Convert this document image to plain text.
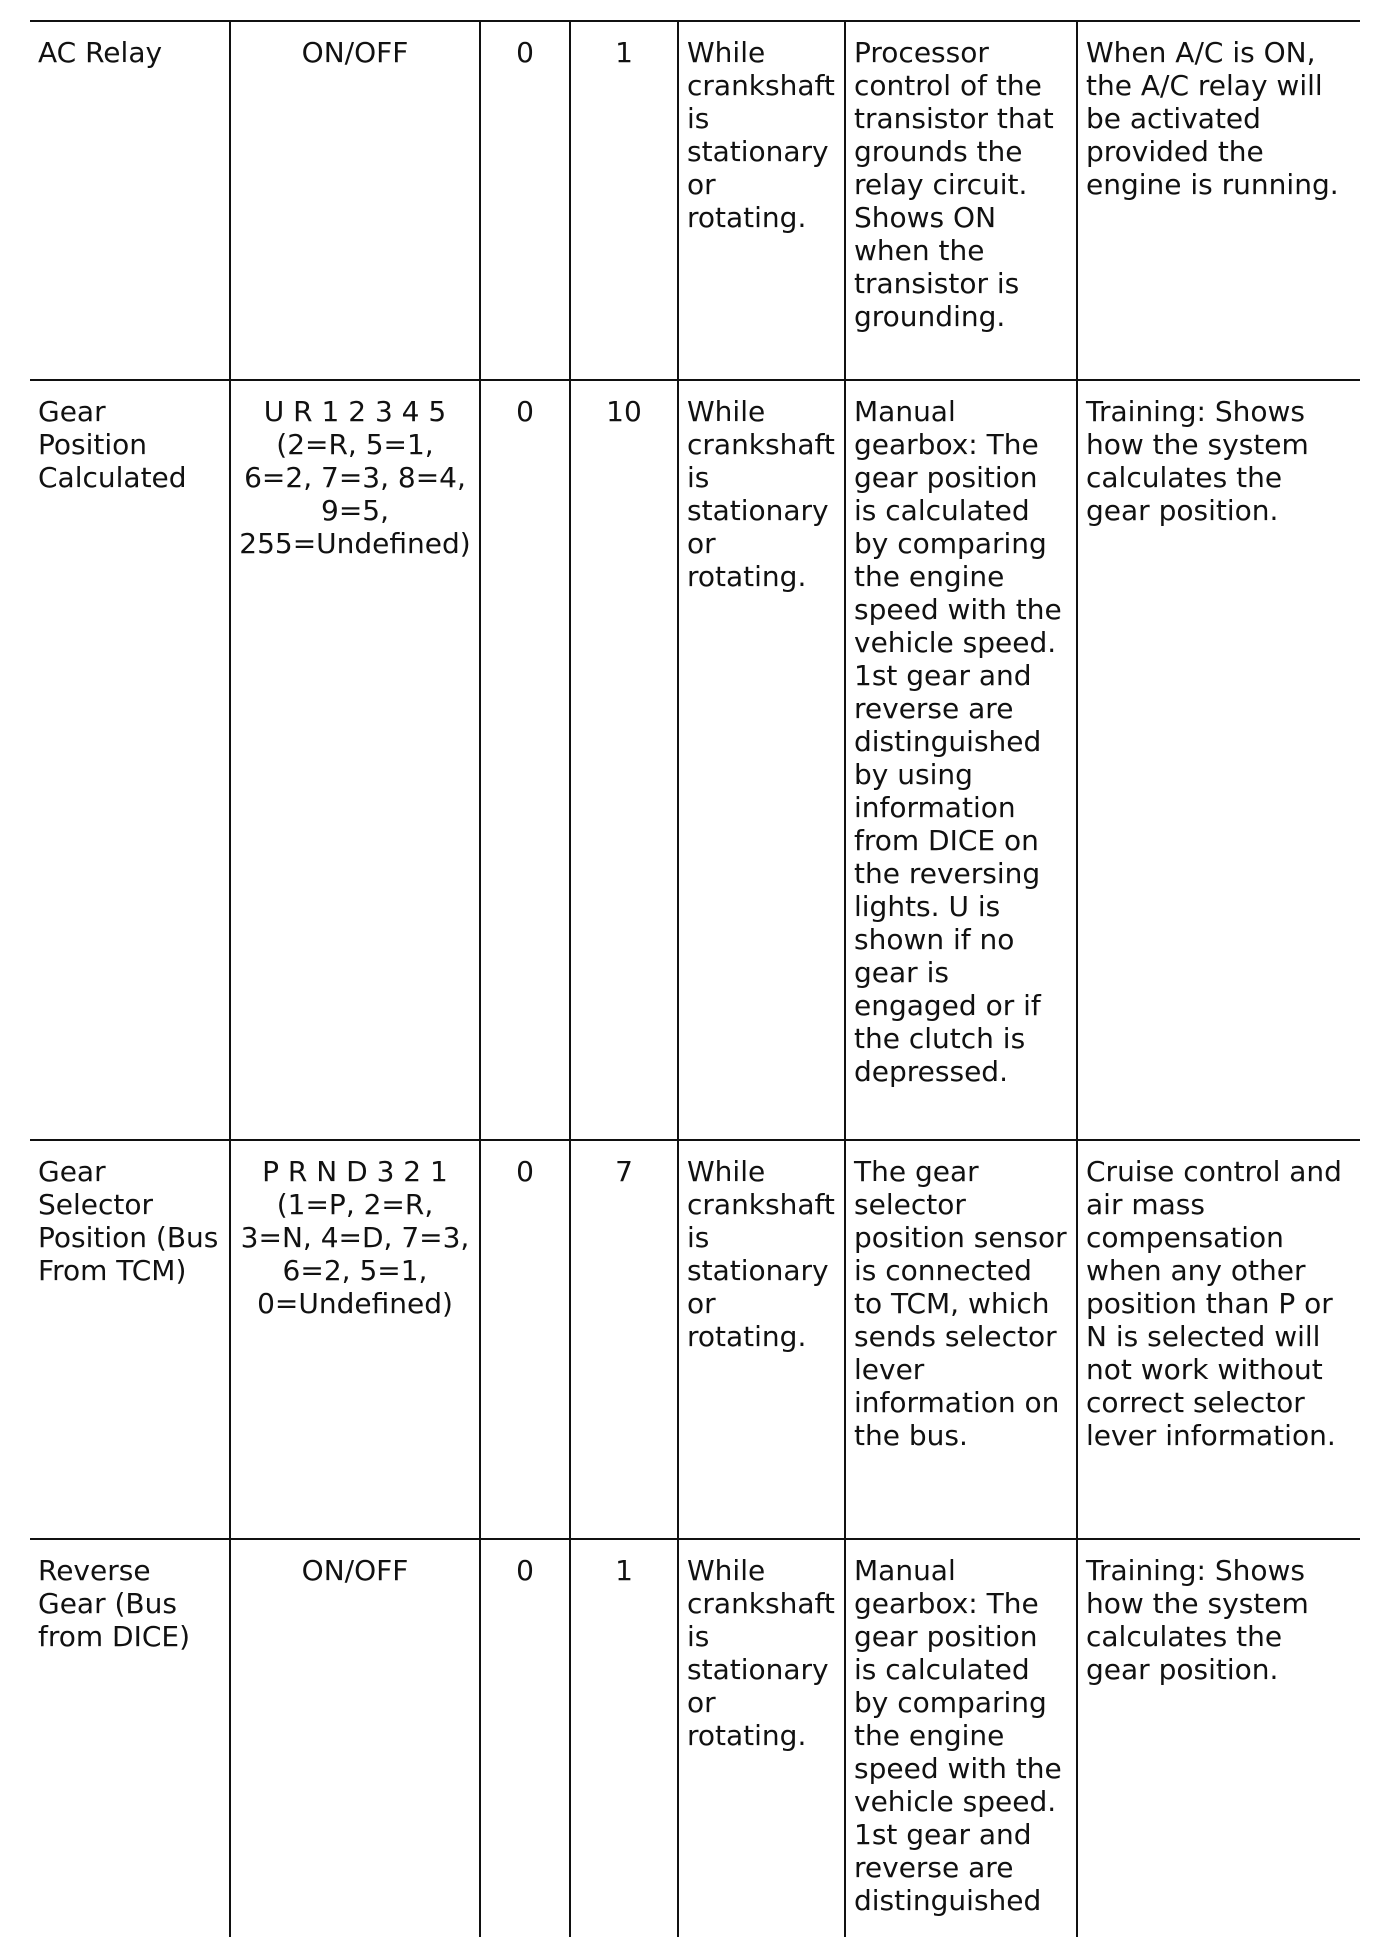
AC Relay	ON/OFF	0	1	While crankshaft is stationary or rotating.	Processor control of the transistor that grounds the relay circuit. Shows ON when the transistor is grounding.	When A/C is ON, the A/C relay will be activated provided the engine is running.
Gear Position Calculated	U R 1 2 3 4 5 (2=R, 5=1, 6=2, 7=3, 8=4, 9=5, 255=Undefined)	0	10	While crankshaft is stationary or rotating.	Manual gearbox: The gear position is calculated by comparing the engine speed with the vehicle speed. 1st gear and reverse are distinguished by using information from DICE on the reversing lights. U is shown if no gear is engaged or if the clutch is depressed.	Training: Shows how the system calculates the gear position.
Gear Selector Position (Bus From TCM)	P R N D 3 2 1 (1=P, 2=R, 3=N, 4=D, 7=3, 6=2, 5=1, 0=Undefined)	0	7	While crankshaft is stationary or rotating.	The gear selector position sensor is connected to TCM, which sends selector lever information on the bus.	Cruise control and air mass compensation when any other position than P or N is selected will not work without correct selector lever information.
Reverse Gear (Bus from DICE)	ON/OFF	0	1	While crankshaft is stationary or rotating.	Manual gearbox: The gear position is calculated by comparing the engine speed with the vehicle speed. 1st gear and reverse are distinguished	Training: Shows how the system calculates the gear position.
